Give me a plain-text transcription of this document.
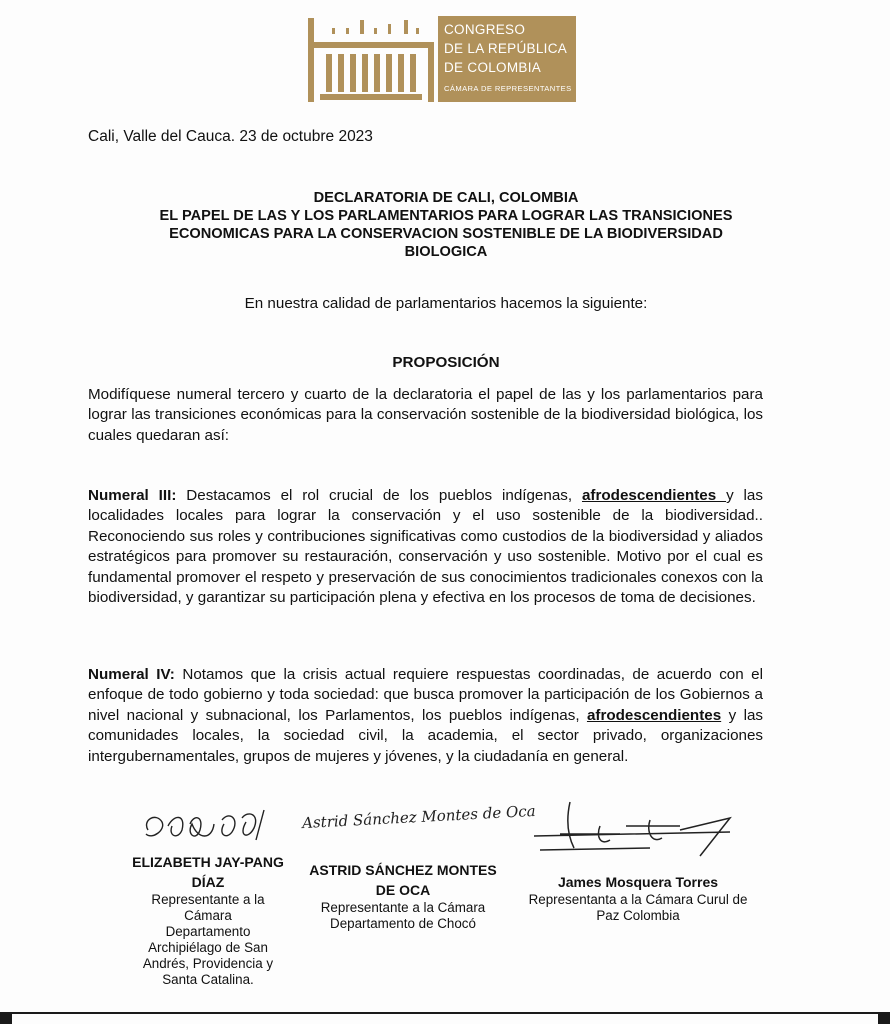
CONGRESO
DE LA REPÚBLICA
DE COLOMBIA
CÁMARA DE REPRESENTANTES
Cali, Valle del Cauca. 23 de octubre 2023
DECLARATORIA DE CALI, COLOMBIA
EL PAPEL DE LAS Y LOS PARLAMENTARIOS PARA LOGRAR LAS TRANSICIONES
ECONOMICAS PARA LA CONSERVACION SOSTENIBLE DE LA BIODIVERSIDAD
BIOLOGICA
En nuestra calidad de parlamentarios hacemos la siguiente:
PROPOSICIÓN
Modifíquese numeral tercero y cuarto de la declaratoria el papel de las y los parlamentarios para lograr las transiciones económicas para la conservación sostenible de la biodiversidad biológica, los cuales quedaran así:
Numeral III: Destacamos el rol crucial de los pueblos indígenas, afrodescendientes y las localidades locales para lograr la conservación y el uso sostenible de la biodiversidad.. Reconociendo sus roles y contribuciones significativas como custodios de la biodiversidad y aliados estratégicos para promover su restauración, conservación y uso sostenible. Motivo por el cual es fundamental promover el respeto y preservación de sus conocimientos tradicionales conexos con la biodiversidad, y garantizar su participación plena y efectiva en los procesos de toma de decisiones.
Numeral IV: Notamos que la crisis actual requiere respuestas coordinadas, de acuerdo con el enfoque de todo gobierno y toda sociedad: que busca promover la participación de los Gobiernos a nivel nacional y subnacional, los Parlamentos, los pueblos indígenas, afrodescendientes y las comunidades locales, la sociedad civil, la academia, el sector privado, organizaciones intergubernamentales, grupos de mujeres y jóvenes, y la ciudadanía en general.
Astrid Sánchez Montes de Oca
ELIZABETH JAY-PANG DÍAZ
Representante a la Cámara
Departamento Archipiélago de San Andrés, Providencia y Santa Catalina.
ASTRID SÁNCHEZ MONTES DE OCA
Representante a la Cámara
Departamento de Chocó
James Mosquera Torres
Representanta a la Cámara Curul de Paz Colombia
